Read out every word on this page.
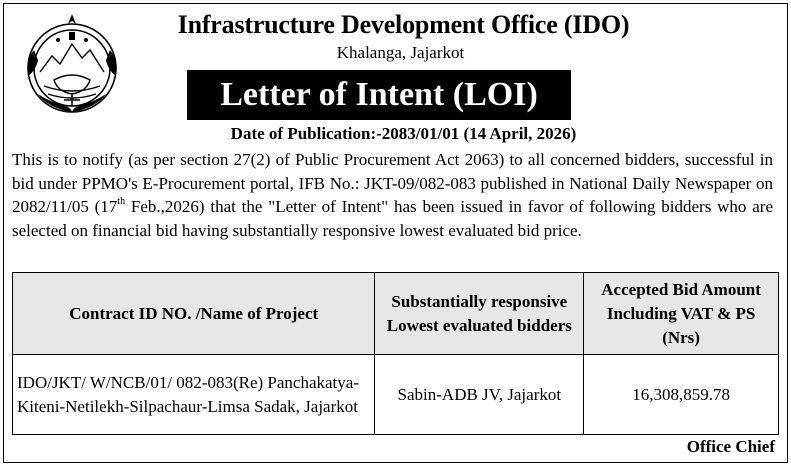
Infrastructure Development Office (IDO)
Khalanga, Jajarkot
Letter of Intent (LOI)
Date of Publication:-2083/01/01 (14 April, 2026)

This is to notify (as per section 27(2) of Public Procurement Act 2063) to all concerned bidders, successful in bid under PPMO's E-Procurement portal, IFB No.: JKT-09/082-083 published in National Daily Newspaper on 2082/11/05 (17th Feb.,2026) that the "Letter of Intent" has been issued in favor of following bidders who are selected on financial bid having substantially responsive lowest evaluated bid price.

Contract ID NO. /Name of Project	Substantially responsive Lowest evaluated bidders	Accepted Bid Amount Including VAT & PS (Nrs)
IDO/JKT/ W/NCB/01/ 082-083(Re) Panchakatya-Kiteni-Netilekh-Silpachaur-Limsa Sadak, Jajarkot	Sabin-ADB JV, Jajarkot	16,308,859.78
Office Chief
